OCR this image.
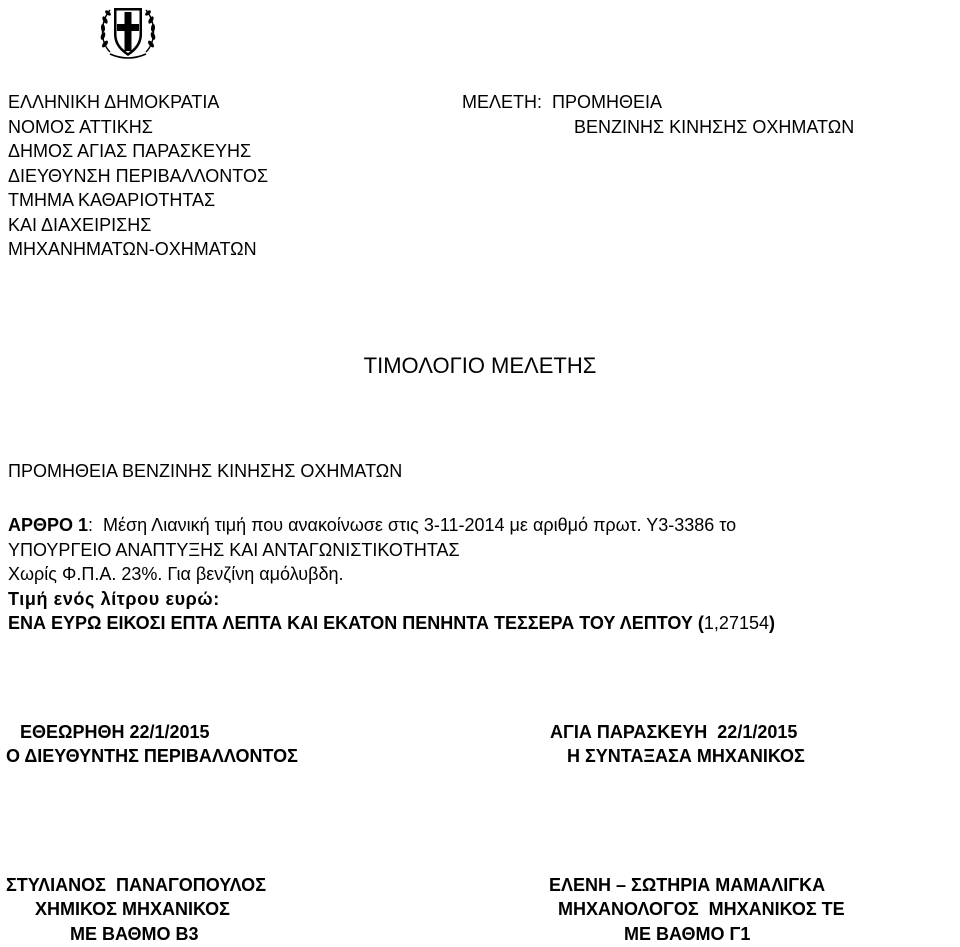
ΕΛΛΗΝΙΚΗ ΔΗΜΟΚΡΑΤΙΑ
ΝΟΜΟΣ ΑΤΤΙΚΗΣ
ΔΗΜΟΣ ΑΓΙΑΣ ΠΑΡΑΣΚΕΥΗΣ
ΔΙΕΥΘΥΝΣΗ ΠΕΡΙΒΑΛΛΟΝΤΟΣ
ΤΜΗΜΑ ΚΑΘΑΡΙΟΤΗΤΑΣ
ΚΑΙ ΔΙΑΧΕΙΡΙΣΗΣ
ΜΗΧΑΝΗΜΑΤΩΝ-ΟΧΗΜΑΤΩΝ
ΜΕΛΕΤΗ:  ΠΡΟΜΗΘΕΙΑ
ΒΕΝΖΙΝΗΣ ΚΙΝΗΣΗΣ ΟΧΗΜΑΤΩΝ
ΤΙΜΟΛΟΓΙΟ ΜΕΛΕΤΗΣ
ΠΡΟΜΗΘΕΙΑ ΒΕΝΖΙΝΗΣ ΚΙΝΗΣΗΣ ΟΧΗΜΑΤΩΝ
ΑΡΘΡΟ 1:  Μέση Λιανική τιμή που ανακοίνωσε στις 3-11-2014 με αριθμό πρωτ. Υ3-3386 το
ΥΠΟΥΡΓΕΙΟ ΑΝΑΠΤΥΞΗΣ ΚΑΙ ΑΝΤΑΓΩΝΙΣΤΙΚΟΤΗΤΑΣ
Χωρίς Φ.Π.Α. 23%. Για βενζίνη αμόλυβδη.
Τιμή ενός λίτρου ευρώ:
ΕΝΑ ΕΥΡΩ ΕΙΚΟΣΙ ΕΠΤΑ ΛΕΠΤΑ ΚΑΙ ΕΚΑΤΟΝ ΠΕΝΗΝΤΑ ΤΕΣΣΕΡΑ ΤΟΥ ΛΕΠΤΟΥ (1,27154)
ΕΘΕΩΡΗΘΗ 22/1/2015
Ο ΔΙΕΥΘΥΝΤΗΣ ΠΕΡΙΒΑΛΛΟΝΤΟΣ
ΑΓΙΑ ΠΑΡΑΣΚΕΥΗ  22/1/2015
Η ΣΥΝΤΑΞΑΣΑ ΜΗΧΑΝΙΚΟΣ
ΣΤΥΛΙΑΝΟΣ  ΠΑΝΑΓΟΠΟΥΛΟΣ
ΧΗΜΙΚΟΣ ΜΗΧΑΝΙΚΟΣ
ΜΕ ΒΑΘΜΟ Β3
ΕΛΕΝΗ – ΣΩΤΗΡΙΑ ΜΑΜΑΛΙΓΚΑ
ΜΗΧΑΝΟΛΟΓΟΣ  ΜΗΧΑΝΙΚΟΣ ΤΕ
ΜΕ ΒΑΘΜΟ Γ1
